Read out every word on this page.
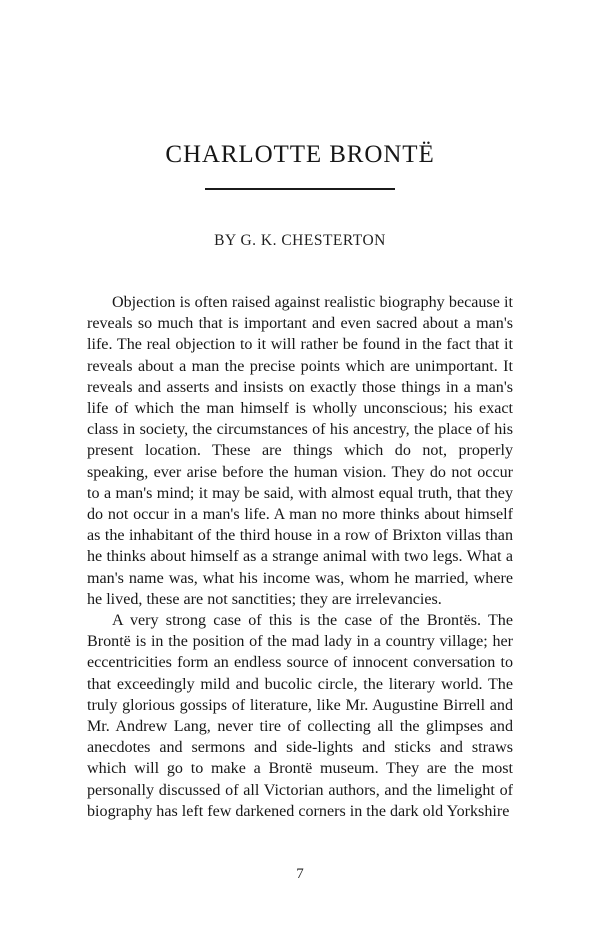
CHARLOTTE BRONTË
BY G. K. CHESTERTON

Objection is often raised against realistic biography because it reveals so much that is important and even sacred about a man's life. The real objection to it will rather be found in the fact that it reveals about a man the precise points which are unimportant. It reveals and asserts and insists on exactly those things in a man's life of which the man himself is wholly unconscious; his exact class in society, the circumstances of his ancestry, the place of his present location. These are things which do not, properly speaking, ever arise before the human vision. They do not occur to a man's mind; it may be said, with almost equal truth, that they do not occur in a man's life. A man no more thinks about himself as the inhabitant of the third house in a row of Brixton villas than he thinks about himself as a strange animal with two legs. What a man's name was, what his income was, whom he married, where he lived, these are not sanctities; they are irrelevancies.

A very strong case of this is the case of the Brontës. The Brontë is in the position of the mad lady in a country village; her eccentricities form an endless source of innocent conversation to that exceedingly mild and bucolic circle, the literary world. The truly glorious gossips of literature, like Mr. Augustine Birrell and Mr. Andrew Lang, never tire of collecting all the glimpses and anecdotes and sermons and side-lights and sticks and straws which will go to make a Brontë museum. They are the most personally discussed of all Victorian authors, and the limelight of biography has left few darkened corners in the dark old Yorkshire

7
